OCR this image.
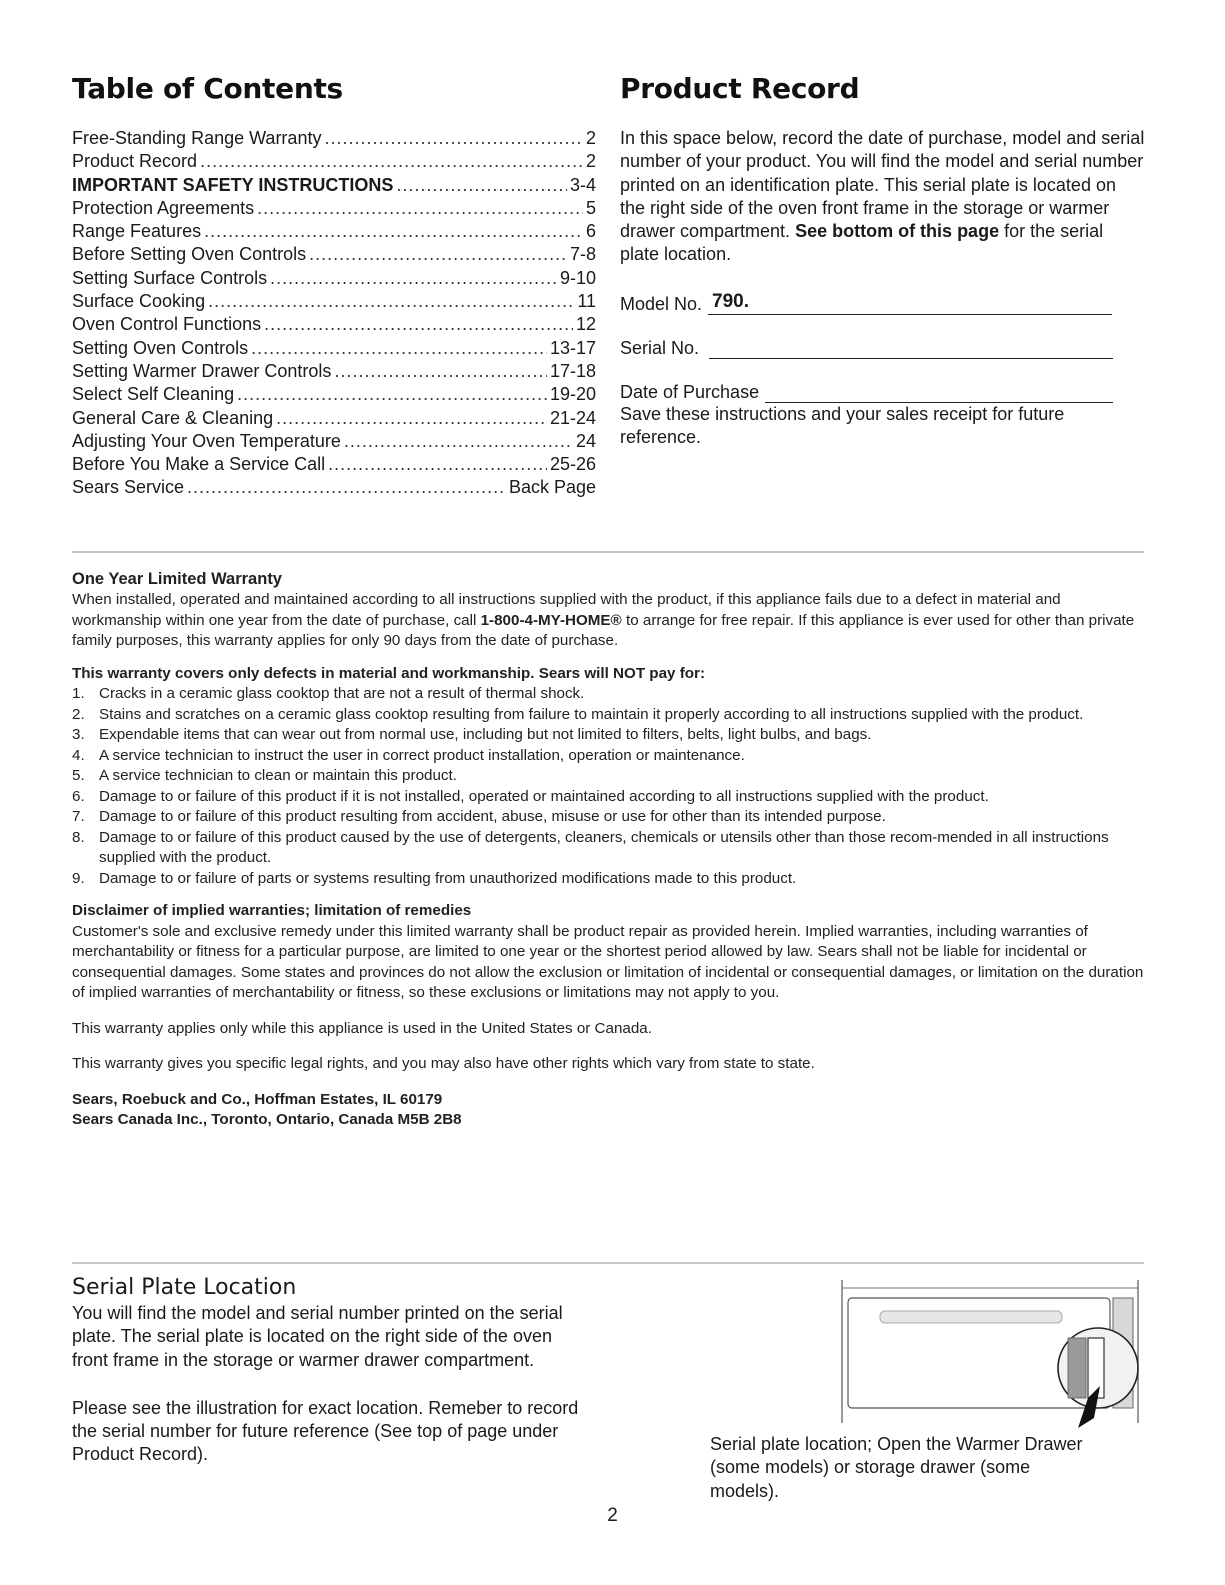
Table of Contents
Free-Standing Range Warranty .....	2
Product Record .....	2
IMPORTANT SAFETY INSTRUCTIONS .....	3-4
Protection Agreements .....	5
Range Features .....	6
Before Setting Oven Controls .....	7-8
Setting Surface Controls .....	9-10
Surface Cooking .....	11
Oven Control Functions .....	12
Setting Oven Controls .....	13-17
Setting Warmer Drawer Controls .....	17-18
Select Self Cleaning .....	19-20
General Care & Cleaning .....	21-24
Adjusting Your Oven Temperature .....	24
Before You Make a Service Call .....	25-26
Sears Service .....	Back Page
Product Record

In this space below, record the date of purchase, model and serial number of your product. You will find the model and serial number printed on an identification plate. This serial plate is located on the right side of the oven front frame in the storage or warmer drawer compartment. See bottom of this page for the serial plate location.

Model No. 790.
Serial No.
Date of Purchase

Save these instructions and your sales receipt for future reference.

One Year Limited Warranty

When installed, operated and maintained according to all instructions supplied with the product, if this appliance fails due to a defect in material and workmanship within one year from the date of purchase, call 1-800-4-MY-HOME® to arrange for free repair. If this appliance is ever used for other than private family purposes, this warranty applies for only 90 days from the date of purchase.

This warranty covers only defects in material and workmanship. Sears will NOT pay for:

1. Cracks in a ceramic glass cooktop that are not a result of thermal shock.
2. Stains and scratches on a ceramic glass cooktop resulting from failure to maintain it properly according to all instructions supplied with the product.
3. Expendable items that can wear out from normal use, including but not limited to filters, belts, light bulbs, and bags.
4. A service technician to instruct the user in correct product installation, operation or maintenance.
5. A service technician to clean or maintain this product.
6. Damage to or failure of this product if it is not installed, operated or maintained according to all instructions supplied with the product.
7. Damage to or failure of this product resulting from accident, abuse, misuse or use for other than its intended purpose.
8. Damage to or failure of this product caused by the use of detergents, cleaners, chemicals or utensils other than those recom-mended in all instructions supplied with the product.
9. Damage to or failure of parts or systems resulting from unauthorized modifications made to this product.

Disclaimer of implied warranties; limitation of remedies

Customer's sole and exclusive remedy under this limited warranty shall be product repair as provided herein. Implied warranties, including warranties of merchantability or fitness for a particular purpose, are limited to one year or the shortest period allowed by law. Sears shall not be liable for incidental or consequential damages. Some states and provinces do not allow the exclusion or limitation of incidental or consequential damages, or limitation on the duration of implied warranties of merchantability or fitness, so these exclusions or limitations may not apply to you.

This warranty applies only while this appliance is used in the United States or Canada.

This warranty gives you specific legal rights, and you may also have other rights which vary from state to state.

Sears, Roebuck and Co., Hoffman Estates, IL 60179

Sears Canada Inc., Toronto, Ontario, Canada M5B 2B8

Serial Plate Location

You will find the model and serial number printed on the serial plate. The serial plate is located on the right side of the oven front frame in the storage or warmer drawer compartment.

Please see the illustration for exact location. Remeber to record the serial number for future reference (See top of page under Product Record).

Serial plate location; Open the Warmer Drawer (some models) or storage drawer (some models).

2
